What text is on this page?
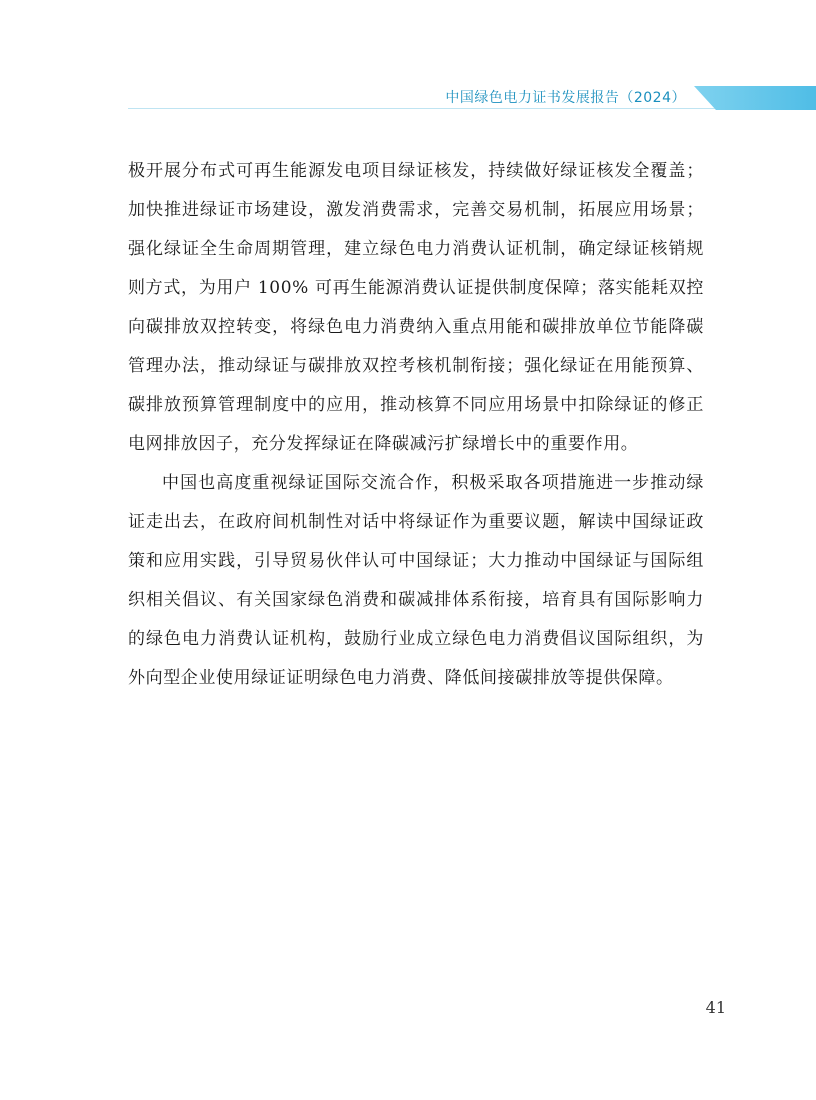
中国绿色电力证书发展报告（2024）

极开展分布式可再生能源发电项目绿证核发，持续做好绿证核发全覆盖；加快推进绿证市场建设，激发消费需求，完善交易机制，拓展应用场景；强化绿证全生命周期管理，建立绿色电力消费认证机制，确定绿证核销规则方式，为用户 100% 可再生能源消费认证提供制度保障；落实能耗双控向碳排放双控转变，将绿色电力消费纳入重点用能和碳排放单位节能降碳管理办法，推动绿证与碳排放双控考核机制衔接；强化绿证在用能预算、碳排放预算管理制度中的应用，推动核算不同应用场景中扣除绿证的修正电网排放因子，充分发挥绿证在降碳减污扩绿增长中的重要作用。

中国也高度重视绿证国际交流合作，积极采取各项措施进一步推动绿证走出去，在政府间机制性对话中将绿证作为重要议题，解读中国绿证政策和应用实践，引导贸易伙伴认可中国绿证；大力推动中国绿证与国际组织相关倡议、有关国家绿色消费和碳减排体系衔接，培育具有国际影响力的绿色电力消费认证机构，鼓励行业成立绿色电力消费倡议国际组织，为外向型企业使用绿证证明绿色电力消费、降低间接碳排放等提供保障。

41
